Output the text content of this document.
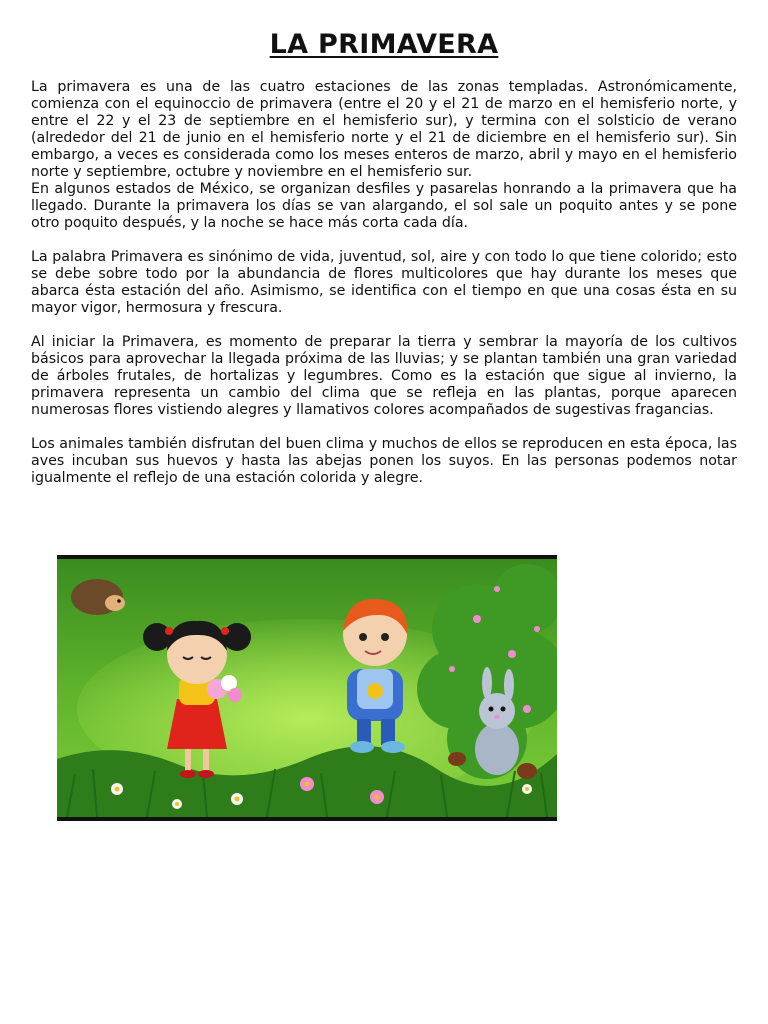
LA PRIMAVERA

La primavera es una de las cuatro estaciones de las zonas templadas. Astronómicamente, comienza con el equinoccio de primavera (entre el 20 y el 21 de marzo en el hemisferio norte, y entre el 22 y el 23 de septiembre en el hemisferio sur), y termina con el solsticio de verano (alrededor del 21 de junio en el hemisferio norte y el 21 de diciembre en el hemisferio sur). Sin embargo, a veces es considerada como los meses enteros de marzo, abril y mayo en el hemisferio norte y septiembre, octubre y noviembre en el hemisferio sur.

En algunos estados de México, se organizan desfiles y pasarelas honrando a la primavera que ha llegado. Durante la primavera los días se van alargando, el sol sale un poquito antes y se pone otro poquito después, y la noche se hace más corta cada día.

La palabra Primavera es sinónimo de vida, juventud, sol, aire y con todo lo que tiene colorido; esto se debe sobre todo por la abundancia de flores multicolores que hay durante los meses que abarca ésta estación del año. Asimismo, se identifica con el tiempo en que una cosas ésta en su mayor vigor, hermosura y frescura.

Al iniciar la Primavera, es momento de preparar la tierra y sembrar la mayoría de los cultivos básicos para aprovechar la llegada próxima de las lluvias; y se plantan también una gran variedad de árboles frutales, de hortalizas y legumbres. Como es la estación que sigue al invierno, la primavera representa un cambio del clima que se refleja en las plantas, porque aparecen numerosas flores vistiendo alegres y llamativos colores acompañados de sugestivas fragancias.

Los animales también disfrutan del buen clima y muchos de ellos se reproducen en esta época, las aves incuban sus huevos y hasta las abejas ponen los suyos. En las personas podemos notar igualmente el reflejo de una estación colorida y alegre.
